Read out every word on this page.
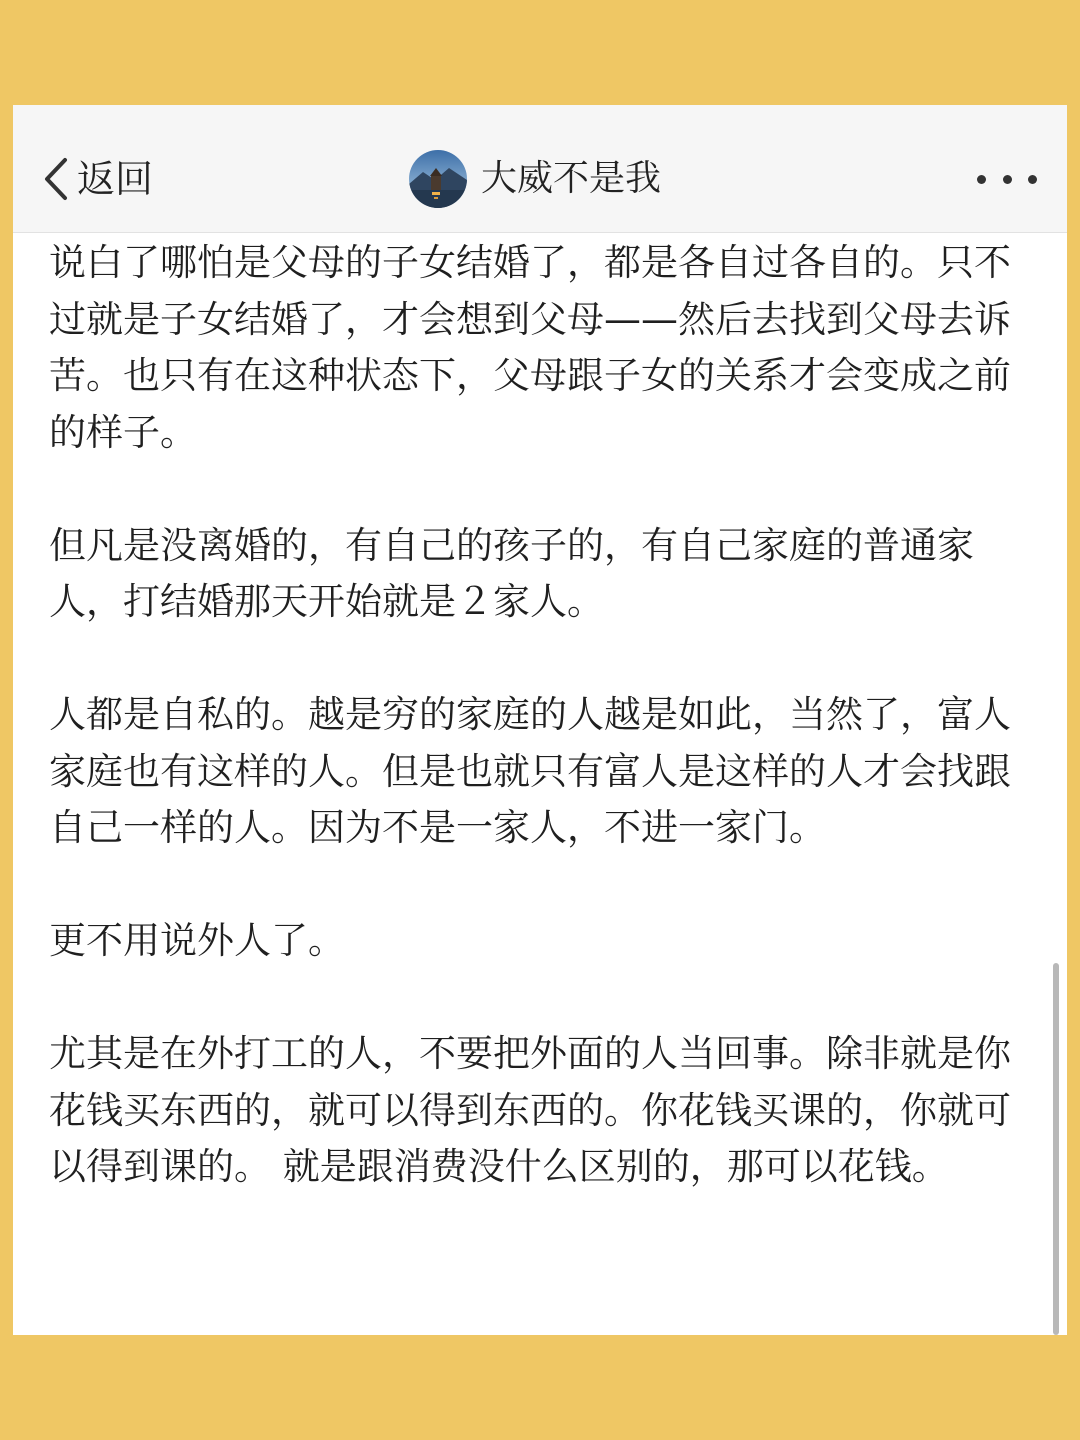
返回	大威不是我

说白了哪怕是父母的子女结婚了，都是各自过各自的。只不过就是子女结婚了，才会想到父母——然后去找到父母去诉苦。也只有在这种状态下，父母跟子女的关系才会变成之前的样子。

但凡是没离婚的，有自己的孩子的，有自己家庭的普通家人，打结婚那天开始就是２家人。

人都是自私的。越是穷的家庭的人越是如此，当然了，富人家庭也有这样的人。但是也就只有富人是这样的人才会找跟自己一样的人。因为不是一家人，不进一家门。

更不用说外人了。

尤其是在外打工的人，不要把外面的人当回事。除非就是你花钱买东西的，就可以得到东西的。你花钱买课的，你就可以得到课的。 就是跟消费没什么区别的，那可以花钱。
